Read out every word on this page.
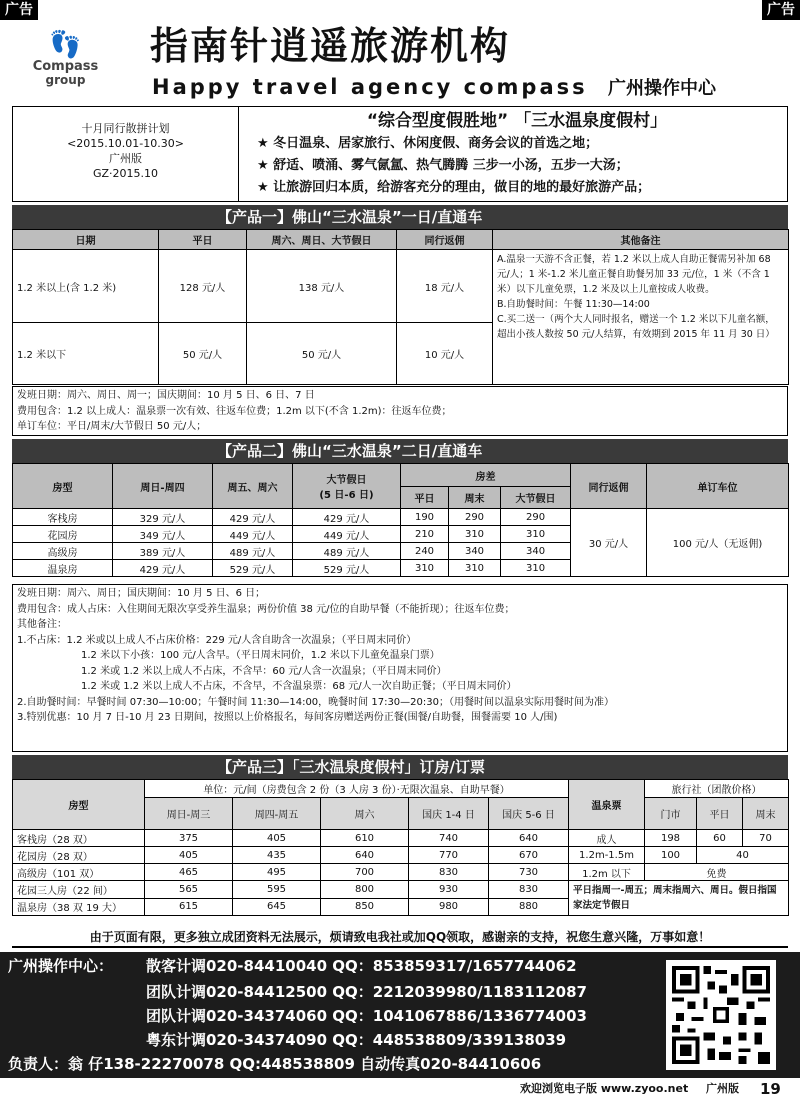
广告	广告
👣
Compass
group
指南针逍遥旅游机构
Happy travel agency compass 广州操作中心
十月同行散拼计划
<2015.10.01-10.30>
广州版
GZ·2015.10
“综合型度假胜地” 「三水温泉度假村」
★ 冬日温泉、居家旅行、休闲度假、商务会议的首选之地；
★ 舒适、喷涌、雾气氤氲、热气腾腾 三步一小汤，五步一大汤；
★ 让旅游回归本质，给游客充分的理由，做目的地的最好旅游产品；
【产品一】佛山“三水温泉”一日/直通车
日期	平日	周六、周日、大节假日	同行返佣	其他备注
1.2 米以上(含 1.2 米)	128 元/人	138 元/人	18 元/人	A.温泉一天游不含正餐，若 1.2 米以上成人自助正餐需另补加 68 元/人；1 米-1.2 米儿童正餐自助餐另加 33 元/位，1 米（不含 1 米）以下儿童免票，1.2 米及以上儿童按成人收费。
B.自助餐时间：午餐 11:30—14:00
C.买二送一（两个大人同时报名，赠送一个 1.2 米以下儿童名额，超出小孩人数按 50 元/人结算，有效期到 2015 年 11 月 30 日）

1.2 米以下	50 元/人	50 元/人	10 元/人	
发班日期：周六、周日、周一；国庆期间：10 月 5 日、6 日、7 日
费用包含：1.2 以上成人：温泉票一次有效、往返车位费；1.2m 以下(不含 1.2m)：往返车位费；
单订车位：平日/周末/大节假日 50 元/人；
【产品二】佛山“三水温泉”二日/直通车
房型	周日-周四	周五、周六	大节假日
(5 日-6 日)	房差			同行返佣	单订车位
				平日	周末	大节假日		
客栈房	329 元/人	429 元/人	429 元/人	190	290	290	30 元/人	100 元/人（无返佣)
花园房	349 元/人	449 元/人	449 元/人	210	310	310		
高级房	389 元/人	489 元/人	489 元/人	240	340	340		
温泉房	429 元/人	529 元/人	529 元/人	310	310	310		
发班日期：周六、周日；国庆期间：10 月 5 日、6 日；
费用包含：成人占床：入住期间无限次享受养生温泉；两份价值 38 元/位的自助早餐（不能折现）；往返车位费；
其他备注：
1.不占床：1.2 米或以上成人不占床价格：229 元/人含自助含一次温泉；（平日周末同价）
1.2 米以下小孩：100 元/人含早。（平日周末同价，1.2 米以下儿童免温泉门票）
1.2 米或 1.2 米以上成人不占床，不含早：60 元/人含一次温泉；（平日周末同价）
1.2 米或 1.2 米以上成人不占床，不含早，不含温泉票：68 元/人一次自助正餐；（平日周末同价）
2.自助餐时间：早餐时间 07:30—10:00；午餐时间 11:30—14:00，晚餐时间 17:30—20:30；（用餐时间以温泉实际用餐时间为准）
3.特别优惠：10 月 7 日-10 月 23 日期间，按照以上价格报名，每间客房赠送两份正餐(围餐/自助餐，围餐需要 10 人/围)
【产品三】「三水温泉度假村」订房/订票
房型	单位：元/间（房费包含 2 份（3 人房 3 份）·无限次温泉、自助早餐）					温泉票	旅行社（团散价格）		
	周日-周三	周四-周五	周六	国庆 1-4 日	国庆 5-6 日		门市	平日	周末
客栈房（28 双）	375	405	610	740	640	成人	198	60	70
花园房（28 双）	405	435	640	770	670	1.2m-1.5m	100	40	
高级房（101 双）	465	495	700	830	730	1.2m 以下	免费		
花园三人房（22 间）	565	595	800	930	830	平日指周一-周五；周末指周六、周日。假日指国家法定节假日			
温泉房（38 双 19 大）	615	645	850	980	880				
由于页面有限，更多独立成团资料无法展示，烦请致电我社或加QQ领取，感谢亲的支持，祝您生意兴隆，万事如意！
广州操作中心： 散客计调020-84410040 QQ：853859317/1657744062
团队计调020-84412500 QQ：2212039980/1183112087
团队计调020-34374060 QQ：1041067886/1336774003
粤东计调020-34374090 QQ：448538809/339138039
负责人：翁 仔138-22270078 QQ:448538809 自动传真020-84410606
欢迎浏览电子版 www.zyoo.net 广州版 19
